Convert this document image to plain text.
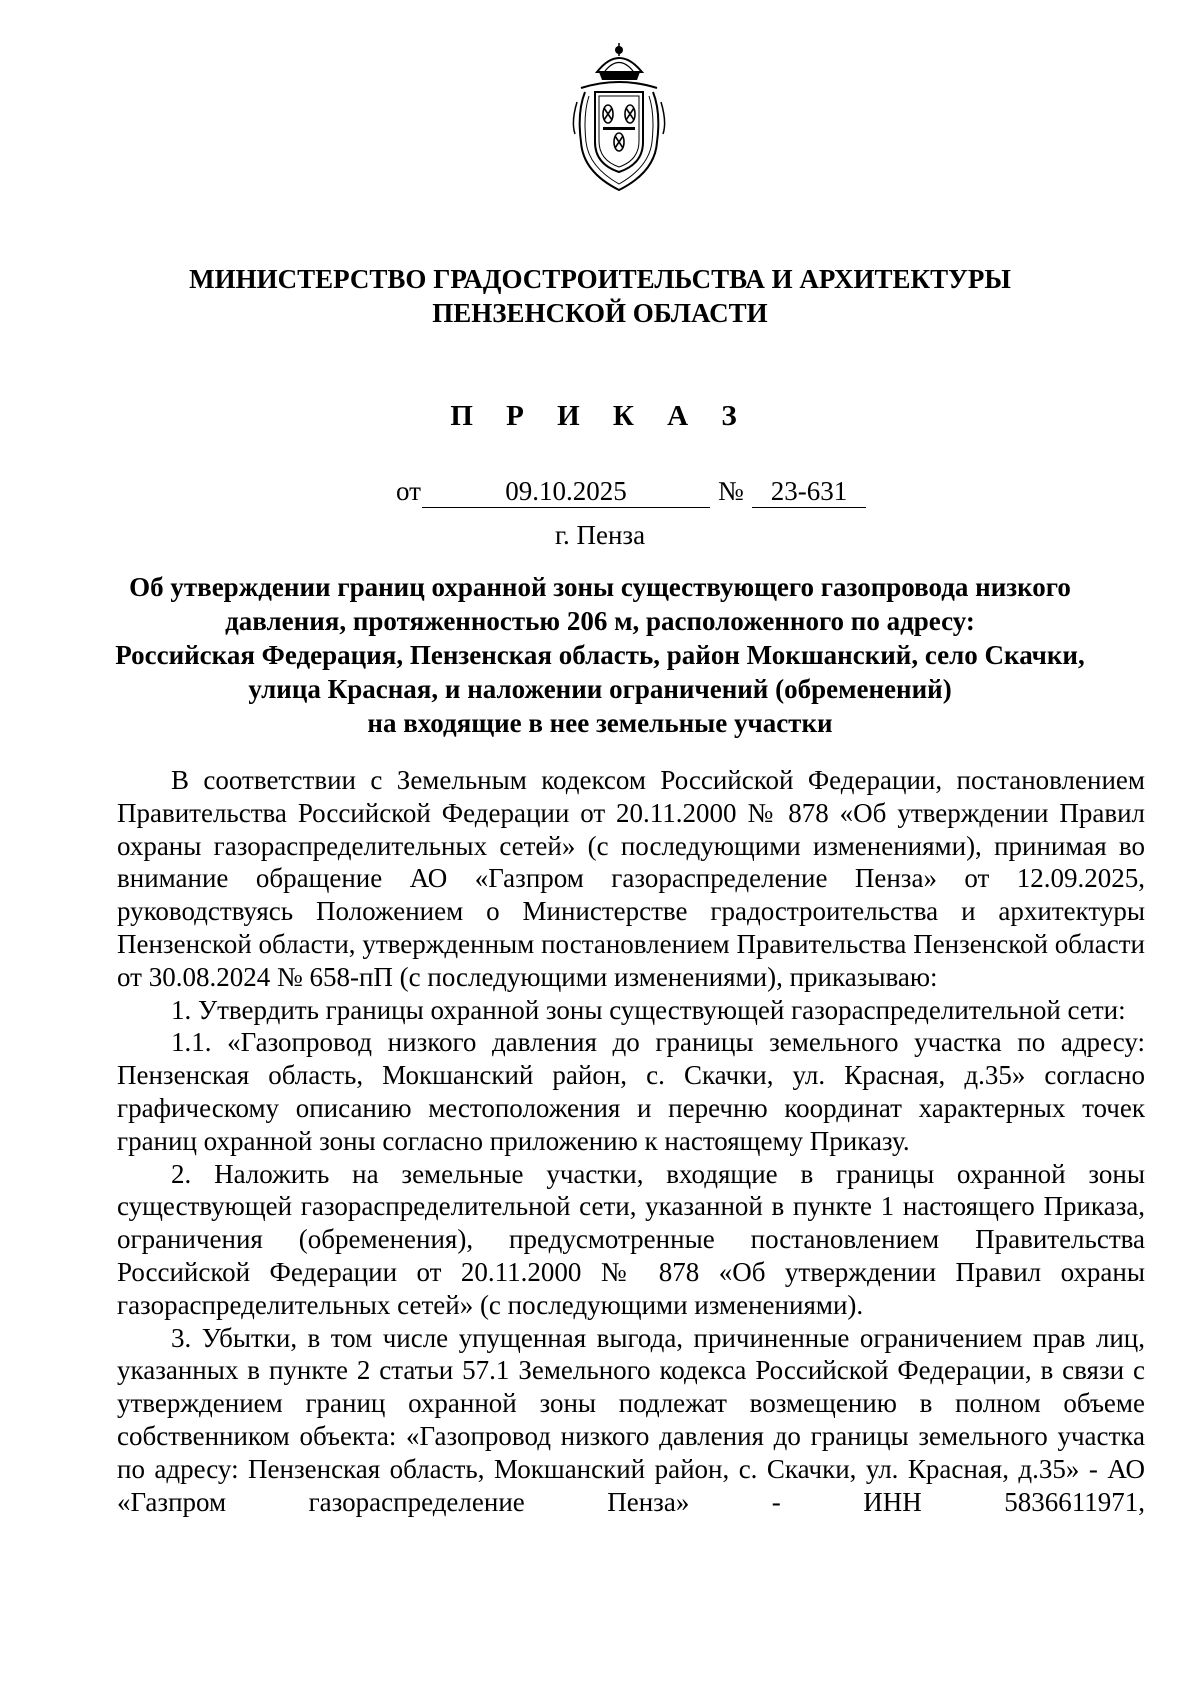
МИНИСТЕРСТВО ГРАДОСТРОИТЕЛЬСТВА И АРХИТЕКТУРЫ
ПЕНЗЕНСКОЙ ОБЛАСТИ
П Р И К А З
от	09.10.2025	№ 23-631
г. Пенза
Об утверждении границ охранной зоны существующего газопровода низкого
давления, протяженностью 206 м, расположенного по адресу:
Российская Федерация, Пензенская область, район Мокшанский, село Скачки,
улица Красная, и наложении ограничений (обременений)
на входящие в нее земельные участки

В соответствии с Земельным кодексом Российской Федерации, постановлением Правительства Российской Федерации от 20.11.2000 № 878 «Об утверждении Правил охраны газораспределительных сетей» (с последующими изменениями), принимая во внимание обращение АО «Газпром газораспределение Пенза» от 12.09.2025, руководствуясь Положением о Министерстве градостроительства и архитектуры Пензенской области, утвержденным постановлением Правительства Пензенской области от 30.08.2024 № 658-пП (с последующими изменениями), приказываю:

1. Утвердить границы охранной зоны существующей газораспределительной сети:

1.1. «Газопровод низкого давления до границы земельного участка по адресу: Пензенская область, Мокшанский район, с. Скачки, ул. Красная, д.35» согласно графическому описанию местоположения и перечню координат характерных точек границ охранной зоны согласно приложению к настоящему Приказу.

2. Наложить на земельные участки, входящие в границы охранной зоны существующей газораспределительной сети, указанной в пункте 1 настоящего Приказа, ограничения (обременения), предусмотренные постановлением Правительства Российской Федерации от 20.11.2000 № 878 «Об утверждении Правил охраны газораспределительных сетей» (с последующими изменениями).

3. Убытки, в том числе упущенная выгода, причиненные ограничением прав лиц, указанных в пункте 2 статьи 57.1 Земельного кодекса Российской Федерации, в связи с утверждением границ охранной зоны подлежат возмещению в полном объеме собственником объекта: «Газопровод низкого давления до границы земельного участка по адресу: Пензенская область, Мокшанский район, с. Скачки, ул. Красная, д.35» - АО «Газпром газораспределение Пенза» - ИНН 5836611971,
